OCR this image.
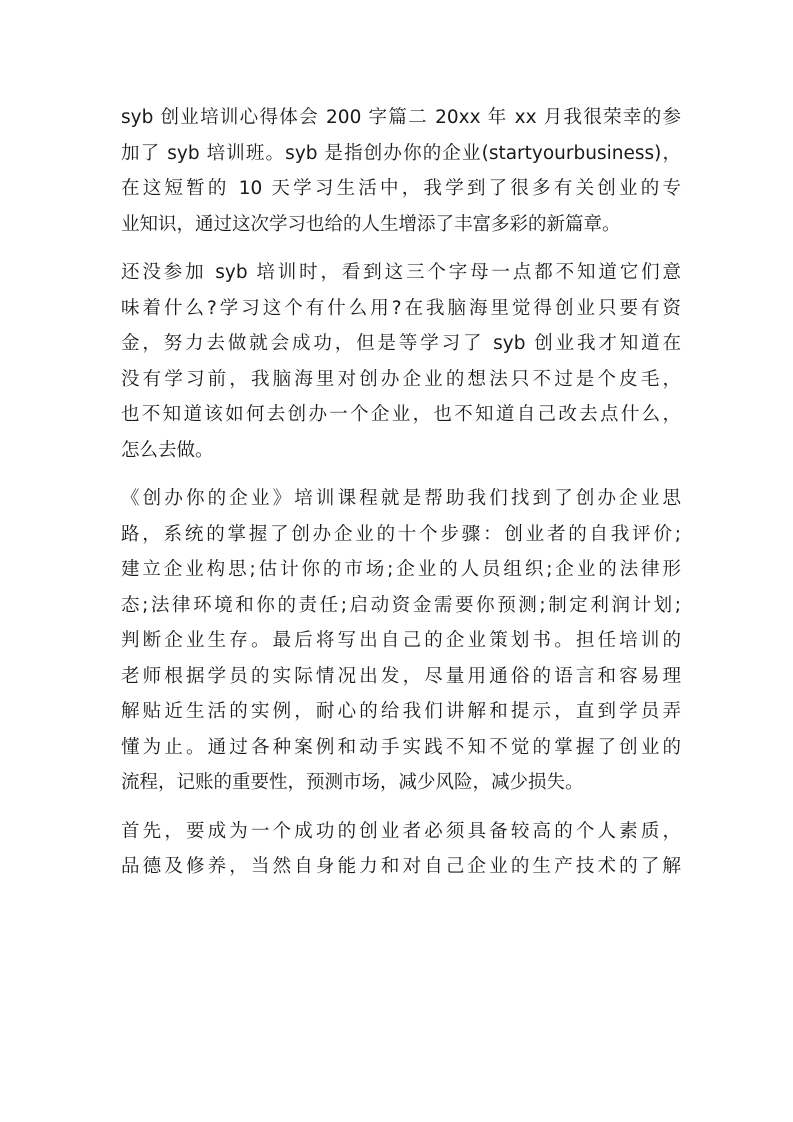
syb 创业培训心得体会 200 字篇二 20xx 年 xx 月我很荣幸的参
加了 syb 培训班。syb 是指创办你的企业(startyourbusiness)，
在这短暂的 10 天学习生活中，我学到了很多有关创业的专
业知识，通过这次学习也给的人生增添了丰富多彩的新篇章。

还没参加 syb 培训时，看到这三个字母一点都不知道它们意
味着什么?学习这个有什么用?在我脑海里觉得创业只要有资
金，努力去做就会成功，但是等学习了 syb 创业我才知道在
没有学习前，我脑海里对创办企业的想法只不过是个皮毛，
也不知道该如何去创办一个企业，也不知道自己改去点什么，
怎么去做。

《创办你的企业》培训课程就是帮助我们找到了创办企业思
路，系统的掌握了创办企业的十个步骤：创业者的自我评价;
建立企业构思;估计你的市场;企业的人员组织;企业的法律形
态;法律环境和你的责任;启动资金需要你预测;制定利润计划;
判断企业生存。最后将写出自己的企业策划书。担任培训的
老师根据学员的实际情况出发，尽量用通俗的语言和容易理
解贴近生活的实例，耐心的给我们讲解和提示，直到学员弄
懂为止。通过各种案例和动手实践不知不觉的掌握了创业的
流程，记账的重要性，预测市场，减少风险，减少损失。

首先，要成为一个成功的创业者必须具备较高的个人素质，
品德及修养，当然自身能力和对自己企业的生产技术的了解
